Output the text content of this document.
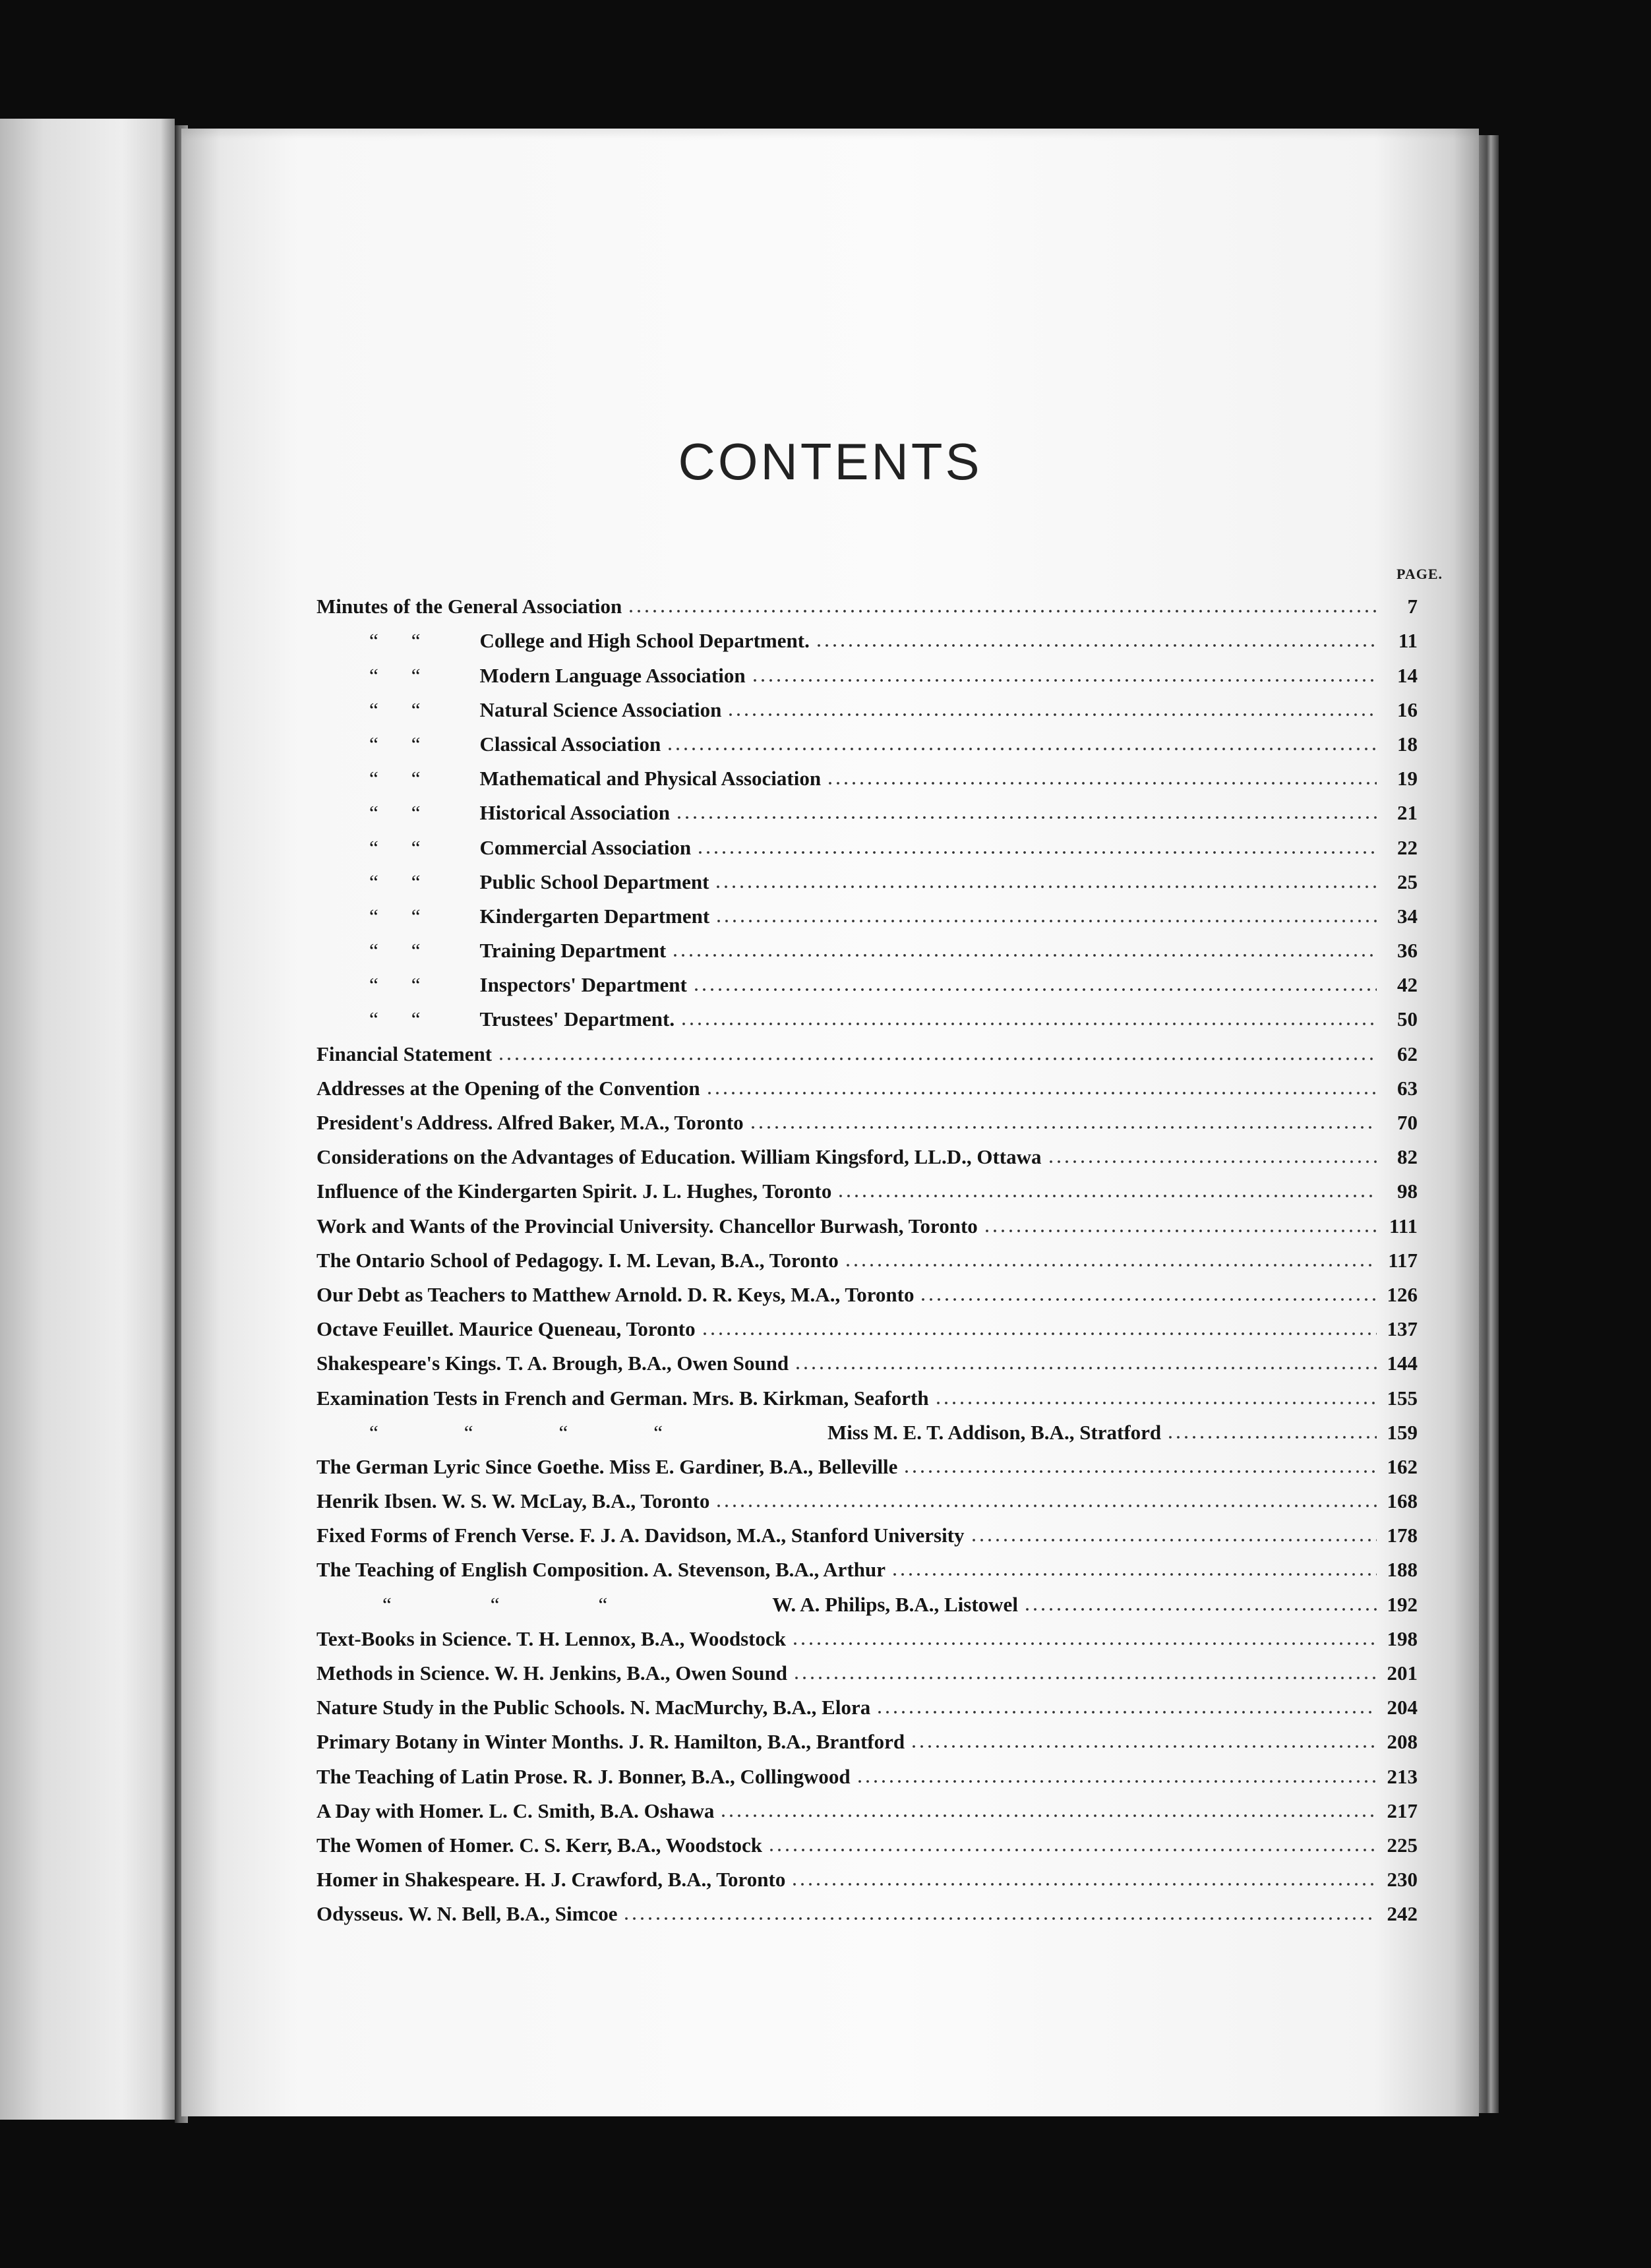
CONTENTS
PAGE.
Minutes of the General Association	7
““ College and High School Department.	11
““ Modern Language Association	14
““ Natural Science Association	16
““ Classical Association	18
““ Mathematical and Physical Association	19
““ Historical Association	21
““ Commercial Association	22
““ Public School Department	25
““ Kindergarten Department	34
““ Training Department	36
““ Inspectors' Department	42
““ Trustees' Department.	50
Financial Statement	62
Addresses at the Opening of the Convention	63
President's Address. Alfred Baker, M.A., Toronto	70
Considerations on the Advantages of Education. William Kingsford, LL.D., Ottawa	82
Influence of the Kindergarten Spirit. J. L. Hughes, Toronto	98
Work and Wants of the Provincial University. Chancellor Burwash, Toronto	111
The Ontario School of Pedagogy. I. M. Levan, B.A., Toronto	117
Our Debt as Teachers to Matthew Arnold. D. R. Keys, M.A., Toronto	126
Octave Feuillet. Maurice Queneau, Toronto	137
Shakespeare's Kings. T. A. Brough, B.A., Owen Sound	144
Examination Tests in French and German. Mrs. B. Kirkman, Seaforth	155
““““	Miss M. E. T. Addison, B.A., Stratford	159
The German Lyric Since Goethe. Miss E. Gardiner, B.A., Belleville	162
Henrik Ibsen. W. S. W. McLay, B.A., Toronto	168
Fixed Forms of French Verse. F. J. A. Davidson, M.A., Stanford University	178
The Teaching of English Composition. A. Stevenson, B.A., Arthur	188
“““	W. A. Philips, B.A., Listowel	192
Text-Books in Science. T. H. Lennox, B.A., Woodstock	198
Methods in Science. W. H. Jenkins, B.A., Owen Sound	201
Nature Study in the Public Schools. N. MacMurchy, B.A., Elora	204
Primary Botany in Winter Months. J. R. Hamilton, B.A., Brantford	208
The Teaching of Latin Prose. R. J. Bonner, B.A., Collingwood	213
A Day with Homer. L. C. Smith, B.A. Oshawa	217
The Women of Homer. C. S. Kerr, B.A., Woodstock	225
Homer in Shakespeare. H. J. Crawford, B.A., Toronto	230
Odysseus. W. N. Bell, B.A., Simcoe	242
